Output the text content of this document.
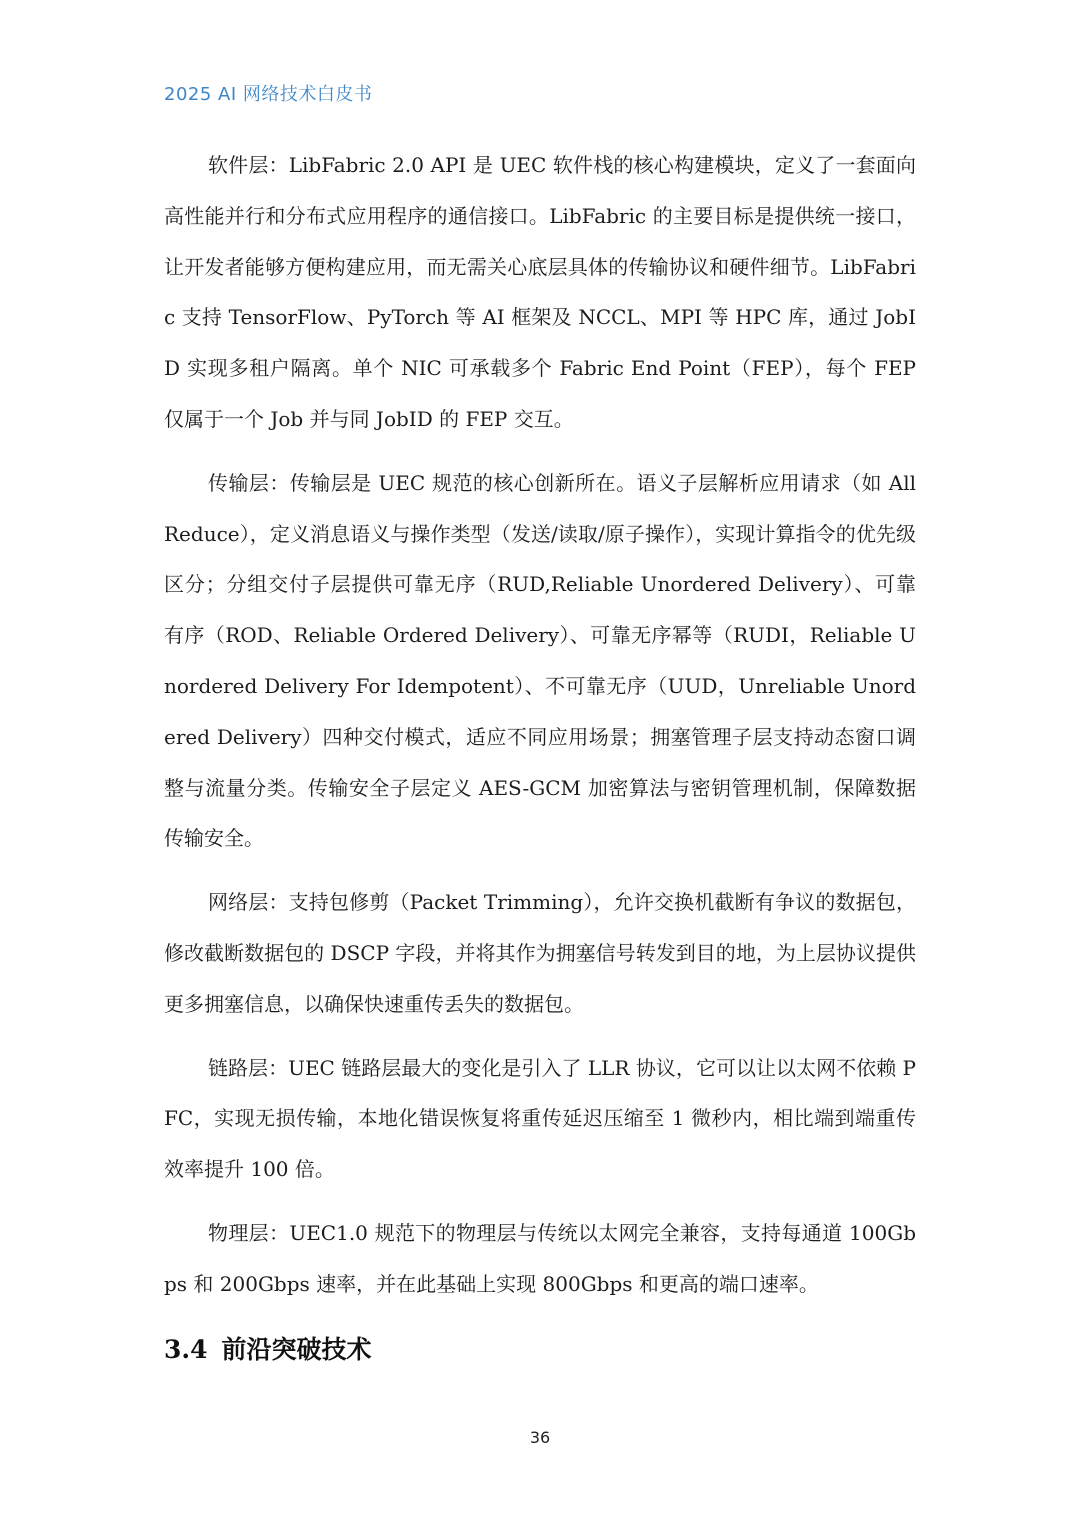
2025 AI 网络技术白皮书

软件层：LibFabric 2.0 API 是 UEC 软件栈的核心构建模块，定义了一套面向高性能并行和分布式应用程序的通信接口。LibFabric 的主要目标是提供统一接口，让开发者能够方便构建应用，而无需关心底层具体的传输协议和硬件细节。LibFabric 支持 TensorFlow、PyTorch 等 AI 框架及 NCCL、MPI 等 HPC 库，通过 JobID 实现多租户隔离。单个 NIC 可承载多个 Fabric End Point（FEP），每个 FEP 仅属于一个 Job 并与同 JobID 的 FEP 交互。

传输层：传输层是 UEC 规范的核心创新所在。语义子层解析应用请求（如 AllReduce），定义消息语义与操作类型（发送/读取/原子操作），实现计算指令的优先级区分；分组交付子层提供可靠无序（RUD,Reliable Unordered Delivery）、可靠有序（ROD、Reliable Ordered Delivery）、可靠无序幂等（RUDI，Reliable Unordered Delivery For Idempotent）、不可靠无序（UUD，Unreliable Unordered Delivery）四种交付模式，适应不同应用场景；拥塞管理子层支持动态窗口调整与流量分类。传输安全子层定义 AES-GCM 加密算法与密钥管理机制，保障数据传输安全。

网络层：支持包修剪（Packet Trimming），允许交换机截断有争议的数据包，修改截断数据包的 DSCP 字段，并将其作为拥塞信号转发到目的地，为上层协议提供更多拥塞信息，以确保快速重传丢失的数据包。

链路层：UEC 链路层最大的变化是引入了 LLR 协议，它可以让以太网不依赖 PFC，实现无损传输，本地化错误恢复将重传延迟压缩至 1 微秒内，相比端到端重传效率提升 100 倍。

物理层：UEC1.0 规范下的物理层与传统以太网完全兼容，支持每通道 100Gbps 和 200Gbps 速率，并在此基础上实现 800Gbps 和更高的端口速率。

3.4 前沿突破技术
36
